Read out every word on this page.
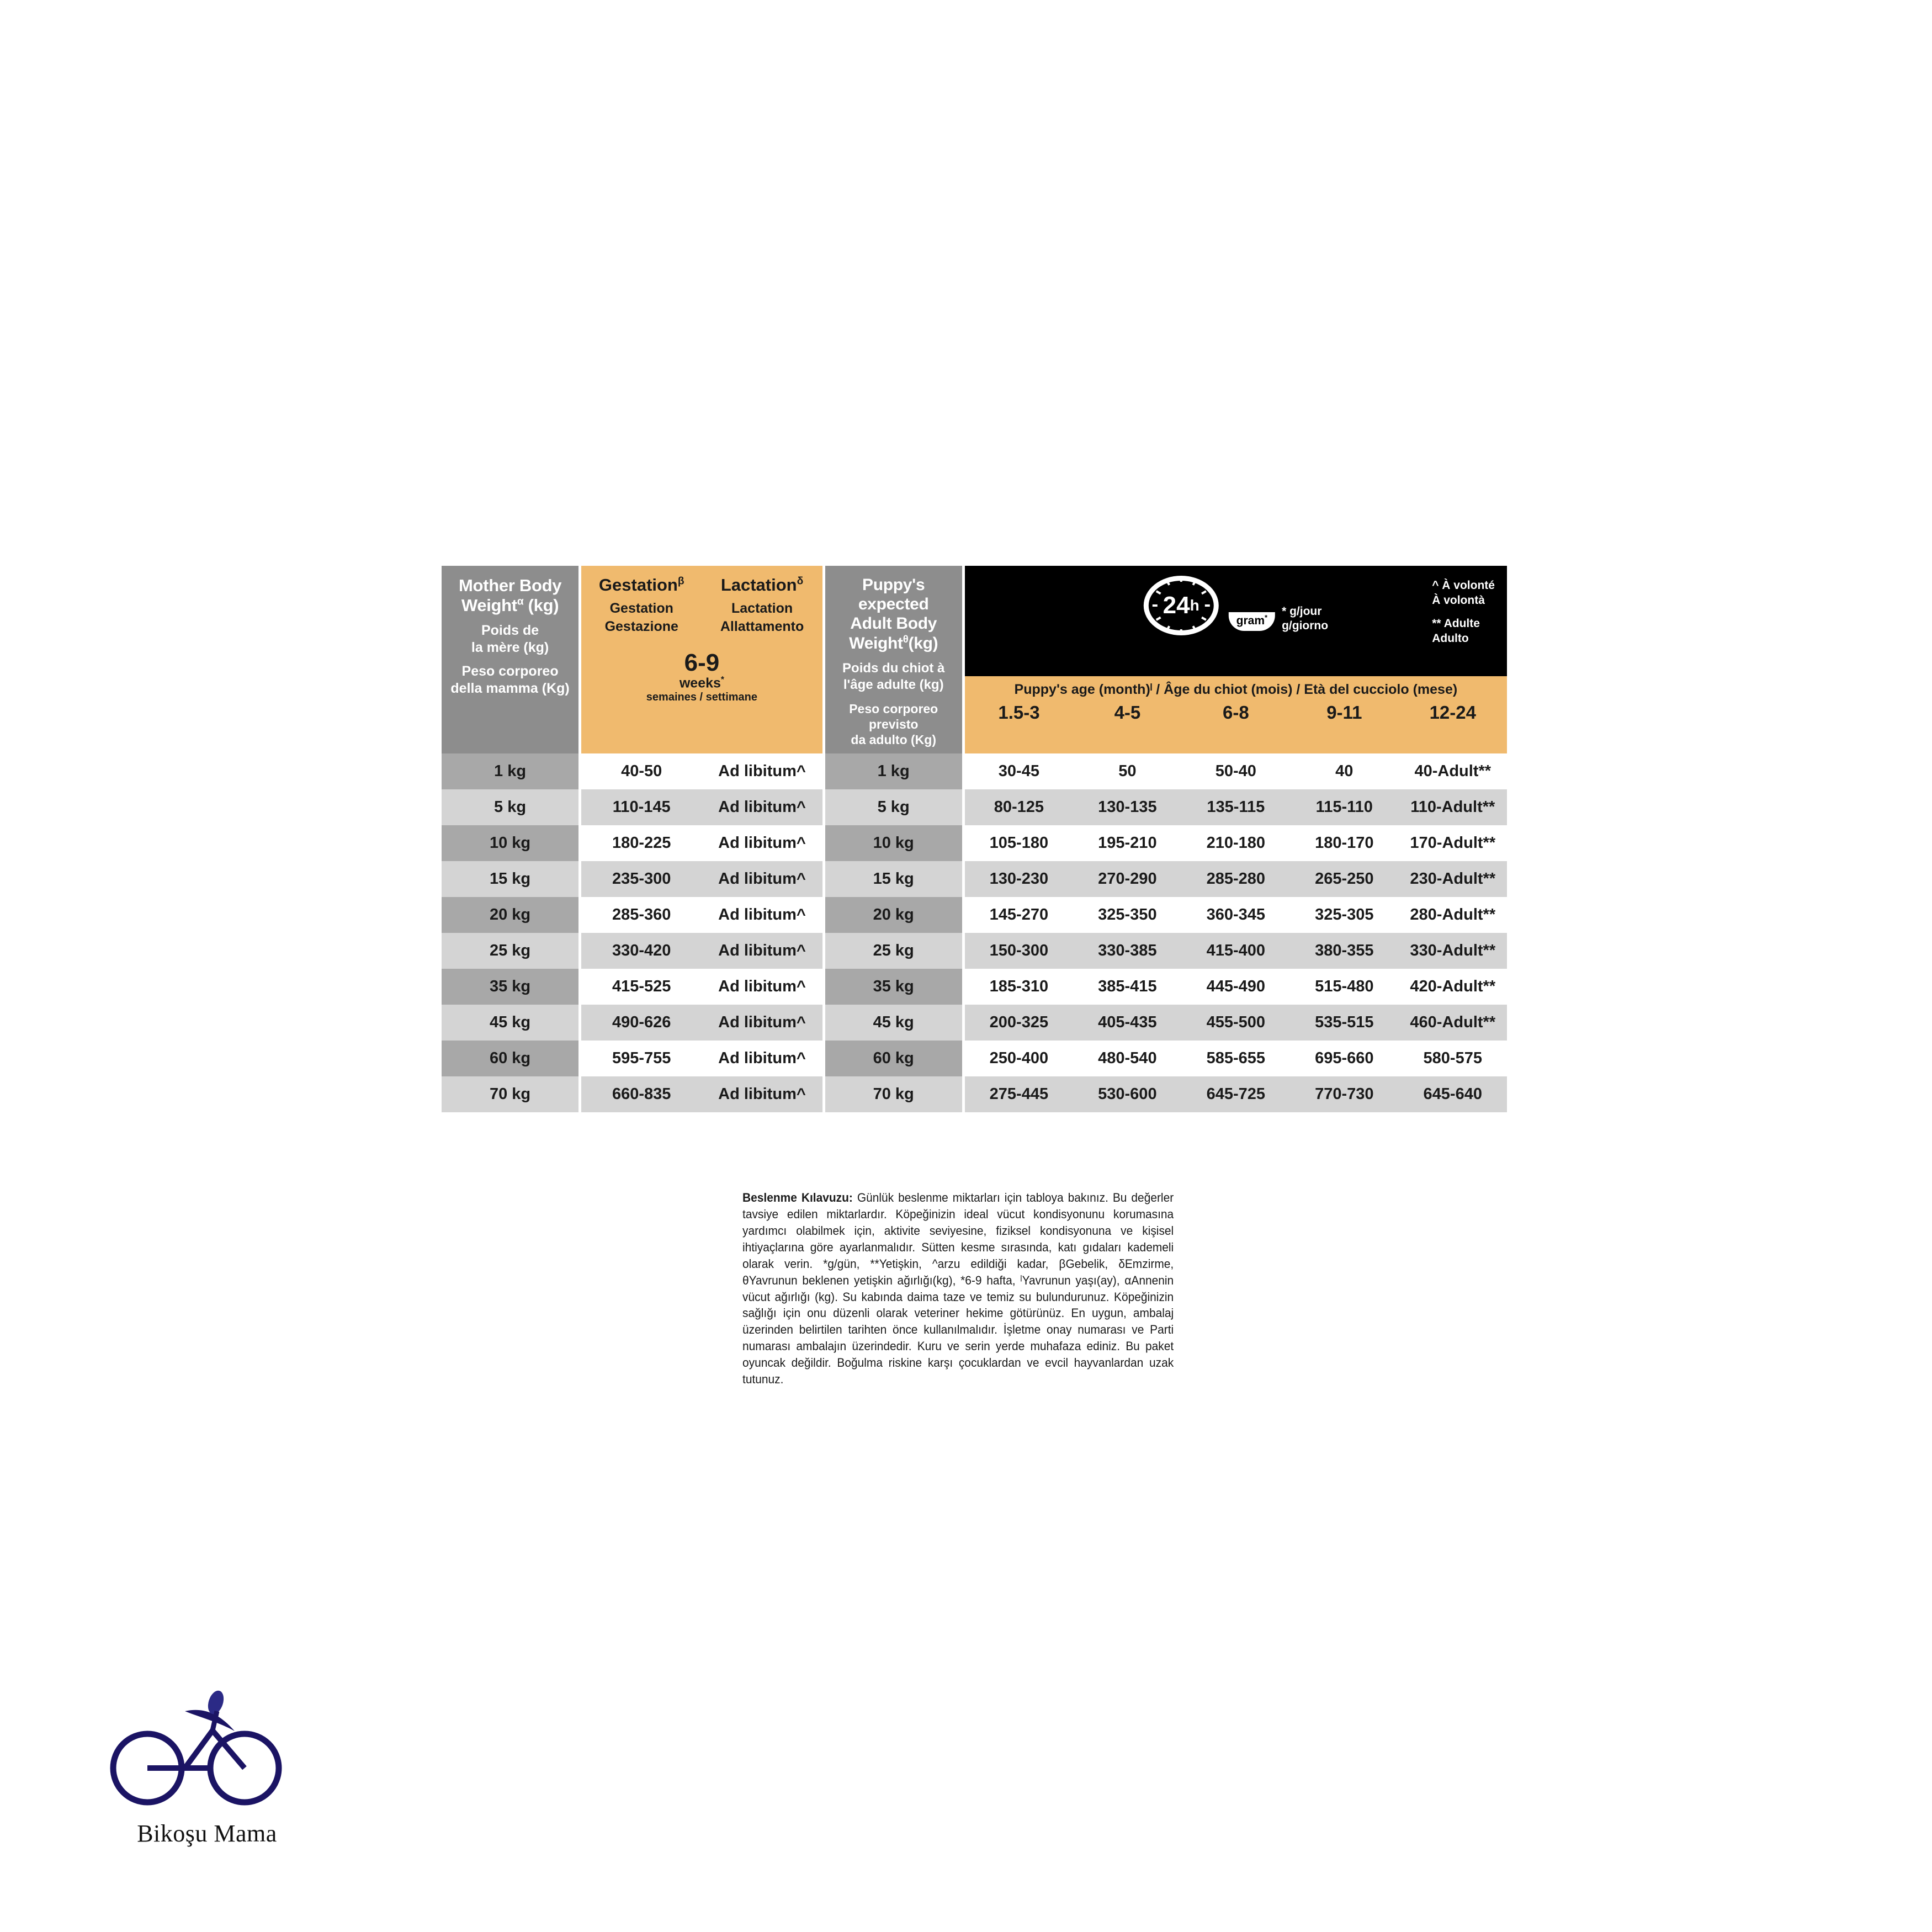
Mother Body
Weight$^\alpha$ (kg)
Poids de
la mère (kg)
Peso corporeo
della mamma (Kg)
Gestation$^\beta$
Gestation
Gestazione
Lactation$^\delta$
Lactation
Allattamento
6-9
weeks*
semaines / settimane
Puppy's expected
Adult Body
Weight$^\theta$(kg)
Poids du chiot à
l'âge adulte (kg)
Peso corporeo previsto
da adulto (Kg)
24 h
gram*	* g/jour
g/giorno
^ À volonté
À volontà
** Adulte
Adulto
Puppy's age (month)ˡ / Âge du chiot (mois) / Età del cucciolo (mese)
1.5-3	4-5	6-8	9-11	12-24
1 kg	40-50	Ad libitum^	1 kg	30-45	50	50-40	40	40-Adult**
5 kg	110-145	Ad libitum^	5 kg	80-125	130-135	135-115	115-110	110-Adult**
10 kg	180-225	Ad libitum^	10 kg	105-180	195-210	210-180	180-170	170-Adult**
15 kg	235-300	Ad libitum^	15 kg	130-230	270-290	285-280	265-250	230-Adult**
20 kg	285-360	Ad libitum^	20 kg	145-270	325-350	360-345	325-305	280-Adult**
25 kg	330-420	Ad libitum^	25 kg	150-300	330-385	415-400	380-355	330-Adult**
35 kg	415-525	Ad libitum^	35 kg	185-310	385-415	445-490	515-480	420-Adult**
45 kg	490-626	Ad libitum^	45 kg	200-325	405-435	455-500	535-515	460-Adult**
60 kg	595-755	Ad libitum^	60 kg	250-400	480-540	585-655	695-660	580-575
70 kg	660-835	Ad libitum^	70 kg	275-445	530-600	645-725	770-730	645-640
Beslenme Kılavuzu: Günlük beslenme miktarları için tabloya bakınız. Bu değerler tavsiye edilen miktarlardır. Köpeğinizin ideal vücut kondisyonunu korumasına yardımcı olabilmek için, aktivite seviyesine, fiziksel kondisyonuna ve kişisel ihtiyaçlarına göre ayarlanmalıdır. Sütten kesme sırasında, katı gıdaları kademeli olarak verin. *g/gün, **Yetişkin, ^arzu edildiği kadar, βGebelik, δEmzirme, θYavrunun beklenen yetişkin ağırlığı(kg), *6-9 hafta, ˡYavrunun yaşı(ay), αAnnenin vücut ağırlığı (kg). Su kabında daima taze ve temiz su bulundurunuz. Köpeğinizin sağlığı için onu düzenli olarak veteriner hekime götürünüz. En uygun, ambalaj üzerinden belirtilen tarihten önce kullanılmalıdır. İşletme onay numarası ve Parti numarası ambalajın üzerindedir. Kuru ve serin yerde muhafaza ediniz. Bu paket oyuncak değildir. Boğulma riskine karşı çocuklardan ve evcil hayvanlardan uzak tutunuz.
Bikoşu Mama
